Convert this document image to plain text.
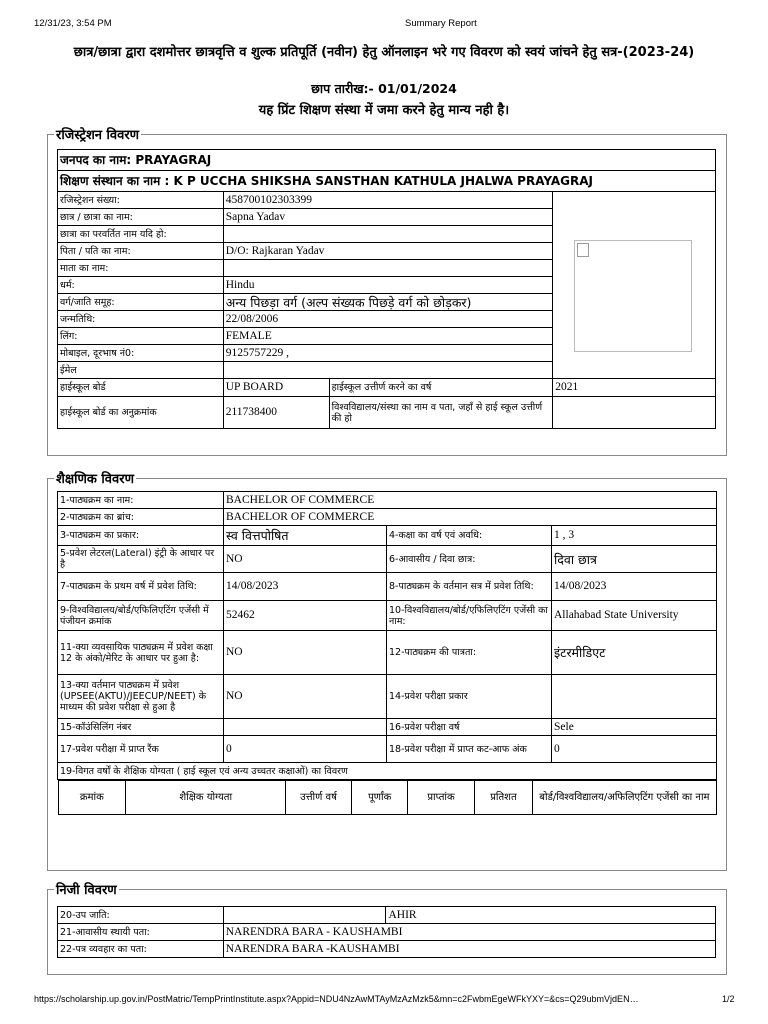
12/31/23, 3:54 PM	Summary Report
छात्र/छात्रा द्वारा दशमोत्तर छात्रवृत्ति व शुल्क प्रतिपूर्ति (नवीन) हेतु ऑनलाइन भरे गए विवरण को स्वयं जांचने हेतु सत्र-(2023-24)
छाप तारीख:- 01/01/2024
यह प्रिंट शिक्षण संस्था में जमा करने हेतु मान्य नही है।
रजिस्ट्रेशन विवरण
जनपद का नाम: PRAYAGRAJ
शिक्षण संस्थान का नाम : K P UCCHA SHIKSHA SANSTHAN KATHULA JHALWA PRAYAGRAJ
रजिस्ट्रेशन संख्या:	458700102303399		
छात्र / छात्रा का नाम:	Sapna Yadav		
छात्रा का परवर्तित नाम यदि हो:			
पिता / पति का नाम:	D/O: Rajkaran Yadav		
माता का नाम:			
धर्म:	Hindu		
वर्ग/जाति समूह:	अन्य पिछड़ा वर्ग (अल्प संख्यक पिछड़े वर्ग को छोड़कर)		
जन्मतिथि:	22/08/2006		
लिंग:	FEMALE		
मोबाइल, दूरभाष नं0:	9125757229 ,		
ईमेल			
हाईस्कूल बोर्ड	UP BOARD	हाईस्कूल उत्तीर्ण करने का वर्ष	2021
हाईस्कूल बोर्ड का अनुक्रमांक	211738400	विश्वविद्यालय/संस्था का नाम व पता, जहाँ से हाई स्कूल उत्तीर्ण की हो	
शैक्षणिक विवरण
1-पाठ्यक्रम का नाम:	BACHELOR OF COMMERCE
2-पाठ्यक्रम का ब्रांच:	BACHELOR OF COMMERCE
3-पाठ्यक्रम का प्रकार:	स्व वित्तपोषित	4-कक्षा का वर्ष एवं अवधि:	1 , 3
5-प्रवेश लेटरल(Lateral) इंट्री के आधार पर है	NO	6-आवासीय / दिवा छात्र:	दिवा छात्र
7-पाठ्यक्रम के प्रथम वर्ष में प्रवेश तिथि:	14/08/2023	8-पाठ्यक्रम के वर्तमान सत्र में प्रवेश तिथि:	14/08/2023
9-विश्वविद्यालय/बोर्ड/एफिलिएटिंग एजेंसी में पंजीयन क्रमांक	52462	10-विश्वविद्यालय/बोर्ड/एफिलिएटिंग एजेंसी का नाम:	Allahabad State University
11-क्या व्यवसायिक पाठ्यक्रम में प्रवेश कक्षा 12 के अंको/मेरिट के आधार पर हुआ है:	NO	12-पाठ्यक्रम की पात्रता:	इंटरमीडिएट
13-क्या वर्तमान पाठ्यक्रम में प्रवेश (UPSEE(AKTU)/JEECUP/NEET) के माध्यम की प्रवेश परीक्षा से हुआ है	NO	14-प्रवेश परीक्षा प्रकार	
15-कॉउंसिलिंग नंबर		16-प्रवेश परीक्षा वर्ष	Sele
17-प्रवेश परीक्षा में प्राप्त रैंक	0	18-प्रवेश परीक्षा में प्राप्त कट-आफ अंक	0
19-विगत वर्षों के शैक्षिक योग्यता ( हाई स्कूल एवं अन्य उच्चतर कक्षाओं) का विवरण

क्रमांक	शैक्षिक योग्यता	उत्तीर्ण वर्ष	पूर्णांक	प्राप्तांक	प्रतिशत	बोर्ड/विश्वविद्यालय/अफिलिएटिंग एजेंसी का नाम
निजी विवरण
20-उप जाति:		AHIR
21-आवासीय स्थायी पता:	NARENDRA BARA - KAUSHAMBI	
22-पत्र व्यवहार का पता:	NARENDRA BARA -KAUSHAMBI	
https://scholarship.up.gov.in/PostMatric/TempPrintInstitute.aspx?Appid=NDU4NzAwMTAyMzAzMzk5&mn=c2FwbmEgeWFkYXY=&cs=Q29ubmVjdEN…	1/2
